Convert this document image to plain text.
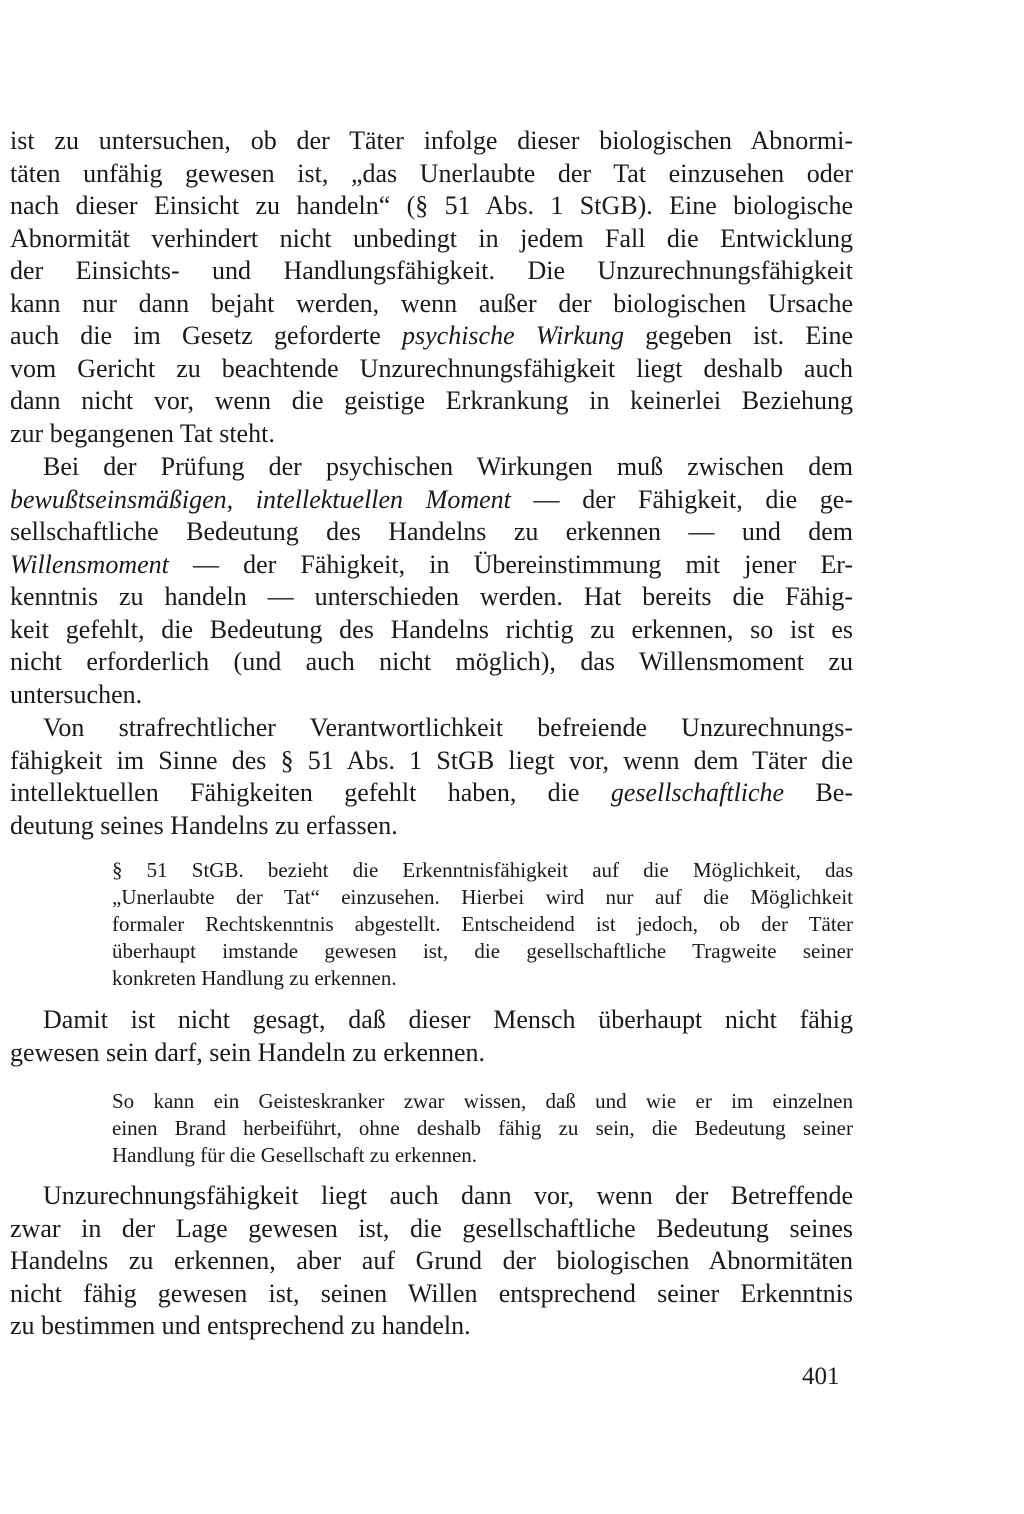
ist zu untersuchen, ob der Täter infolge dieser biologischen Abnormi-
täten unfähig gewesen ist, „das Unerlaubte der Tat einzusehen oder
nach dieser Einsicht zu handeln“ (§ 51 Abs. 1 StGB). Eine biologische
Abnormität verhindert nicht unbedingt in jedem Fall die Entwicklung
der Einsichts- und Handlungsfähigkeit. Die Unzurechnungsfähigkeit
kann nur dann bejaht werden, wenn außer der biologischen Ursache
auch die im Gesetz geforderte psychische Wirkung gegeben ist. Eine
vom Gericht zu beachtende Unzurechnungsfähigkeit liegt deshalb auch
dann nicht vor, wenn die geistige Erkrankung in keinerlei Beziehung
zur begangenen Tat steht.
Bei der Prüfung der psychischen Wirkungen muß zwischen dem
bewußtseinsmäßigen, intellektuellen Moment — der Fähigkeit, die ge-
sellschaftliche Bedeutung des Handelns zu erkennen — und dem
Willensmoment — der Fähigkeit, in Übereinstimmung mit jener Er-
kenntnis zu handeln — unterschieden werden. Hat bereits die Fähig-
keit gefehlt, die Bedeutung des Handelns richtig zu erkennen, so ist es
nicht erforderlich (und auch nicht möglich), das Willensmoment zu
untersuchen.
Von strafrechtlicher Verantwortlichkeit befreiende Unzurechnungs-
fähigkeit im Sinne des § 51 Abs. 1 StGB liegt vor, wenn dem Täter die
intellektuellen Fähigkeiten gefehlt haben, die gesellschaftliche Be-
deutung seines Handelns zu erfassen.
§ 51 StGB. bezieht die Erkenntnisfähigkeit auf die Möglichkeit, das
„Unerlaubte der Tat“ einzusehen. Hierbei wird nur auf die Möglichkeit
formaler Rechtskenntnis abgestellt. Entscheidend ist jedoch, ob der Täter
überhaupt imstande gewesen ist, die gesellschaftliche Tragweite seiner
konkreten Handlung zu erkennen.
Damit ist nicht gesagt, daß dieser Mensch überhaupt nicht fähig
gewesen sein darf, sein Handeln zu erkennen.
So kann ein Geisteskranker zwar wissen, daß und wie er im einzelnen
einen Brand herbeiführt, ohne deshalb fähig zu sein, die Bedeutung seiner
Handlung für die Gesellschaft zu erkennen.
Unzurechnungsfähigkeit liegt auch dann vor, wenn der Betreffende
zwar in der Lage gewesen ist, die gesellschaftliche Bedeutung seines
Handelns zu erkennen, aber auf Grund der biologischen Abnormitäten
nicht fähig gewesen ist, seinen Willen entsprechend seiner Erkenntnis
zu bestimmen und entsprechend zu handeln.

401
